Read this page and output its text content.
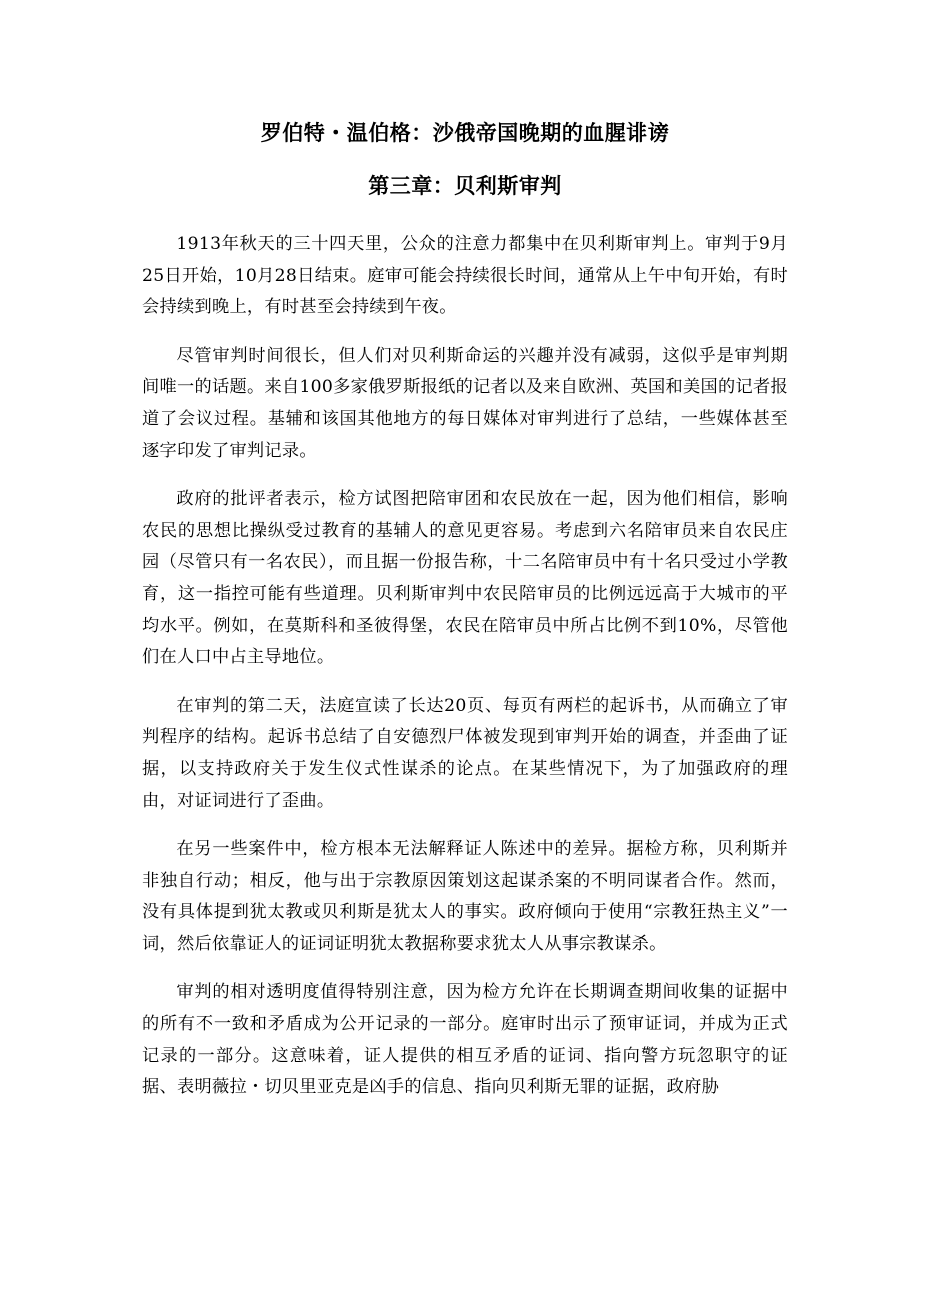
罗伯特・温伯格：沙俄帝国晚期的血腥诽谤
第三章：贝利斯审判

1913年秋天的三十四天里，公众的注意力都集中在贝利斯审判上。审判于9月25日开始，10月28日结束。庭审可能会持续很长时间，通常从上午中旬开始，有时会持续到晚上，有时甚至会持续到午夜。

尽管审判时间很长，但人们对贝利斯命运的兴趣并没有减弱，这似乎是审判期间唯一的话题。来自100多家俄罗斯报纸的记者以及来自欧洲、英国和美国的记者报道了会议过程。基辅和该国其他地方的每日媒体对审判进行了总结，一些媒体甚至逐字印发了审判记录。

政府的批评者表示，检方试图把陪审团和农民放在一起，因为他们相信，影响农民的思想比操纵受过教育的基辅人的意见更容易。考虑到六名陪审员来自农民庄园（尽管只有一名农民），而且据一份报告称，十二名陪审员中有十名只受过小学教育，这一指控可能有些道理。贝利斯审判中农民陪审员的比例远远高于大城市的平均水平。例如，在莫斯科和圣彼得堡，农民在陪审员中所占比例不到10%，尽管他们在人口中占主导地位。

在审判的第二天，法庭宣读了长达20页、每页有两栏的起诉书，从而确立了审判程序的结构。起诉书总结了自安德烈尸体被发现到审判开始的调查，并歪曲了证据，以支持政府关于发生仪式性谋杀的论点。在某些情况下，为了加强政府的理由，对证词进行了歪曲。

在另一些案件中，检方根本无法解释证人陈述中的差异。据检方称，贝利斯并非独自行动；相反，他与出于宗教原因策划这起谋杀案的不明同谋者合作。然而，没有具体提到犹太教或贝利斯是犹太人的事实。政府倾向于使用“宗教狂热主义”一词，然后依靠证人的证词证明犹太教据称要求犹太人从事宗教谋杀。

审判的相对透明度值得特别注意，因为检方允许在长期调查期间收集的证据中的所有不一致和矛盾成为公开记录的一部分。庭审时出示了预审证词，并成为正式记录的一部分。这意味着，证人提供的相互矛盾的证词、指向警方玩忽职守的证据、表明薇拉・切贝里亚克是凶手的信息、指向贝利斯无罪的证据，政府胁
